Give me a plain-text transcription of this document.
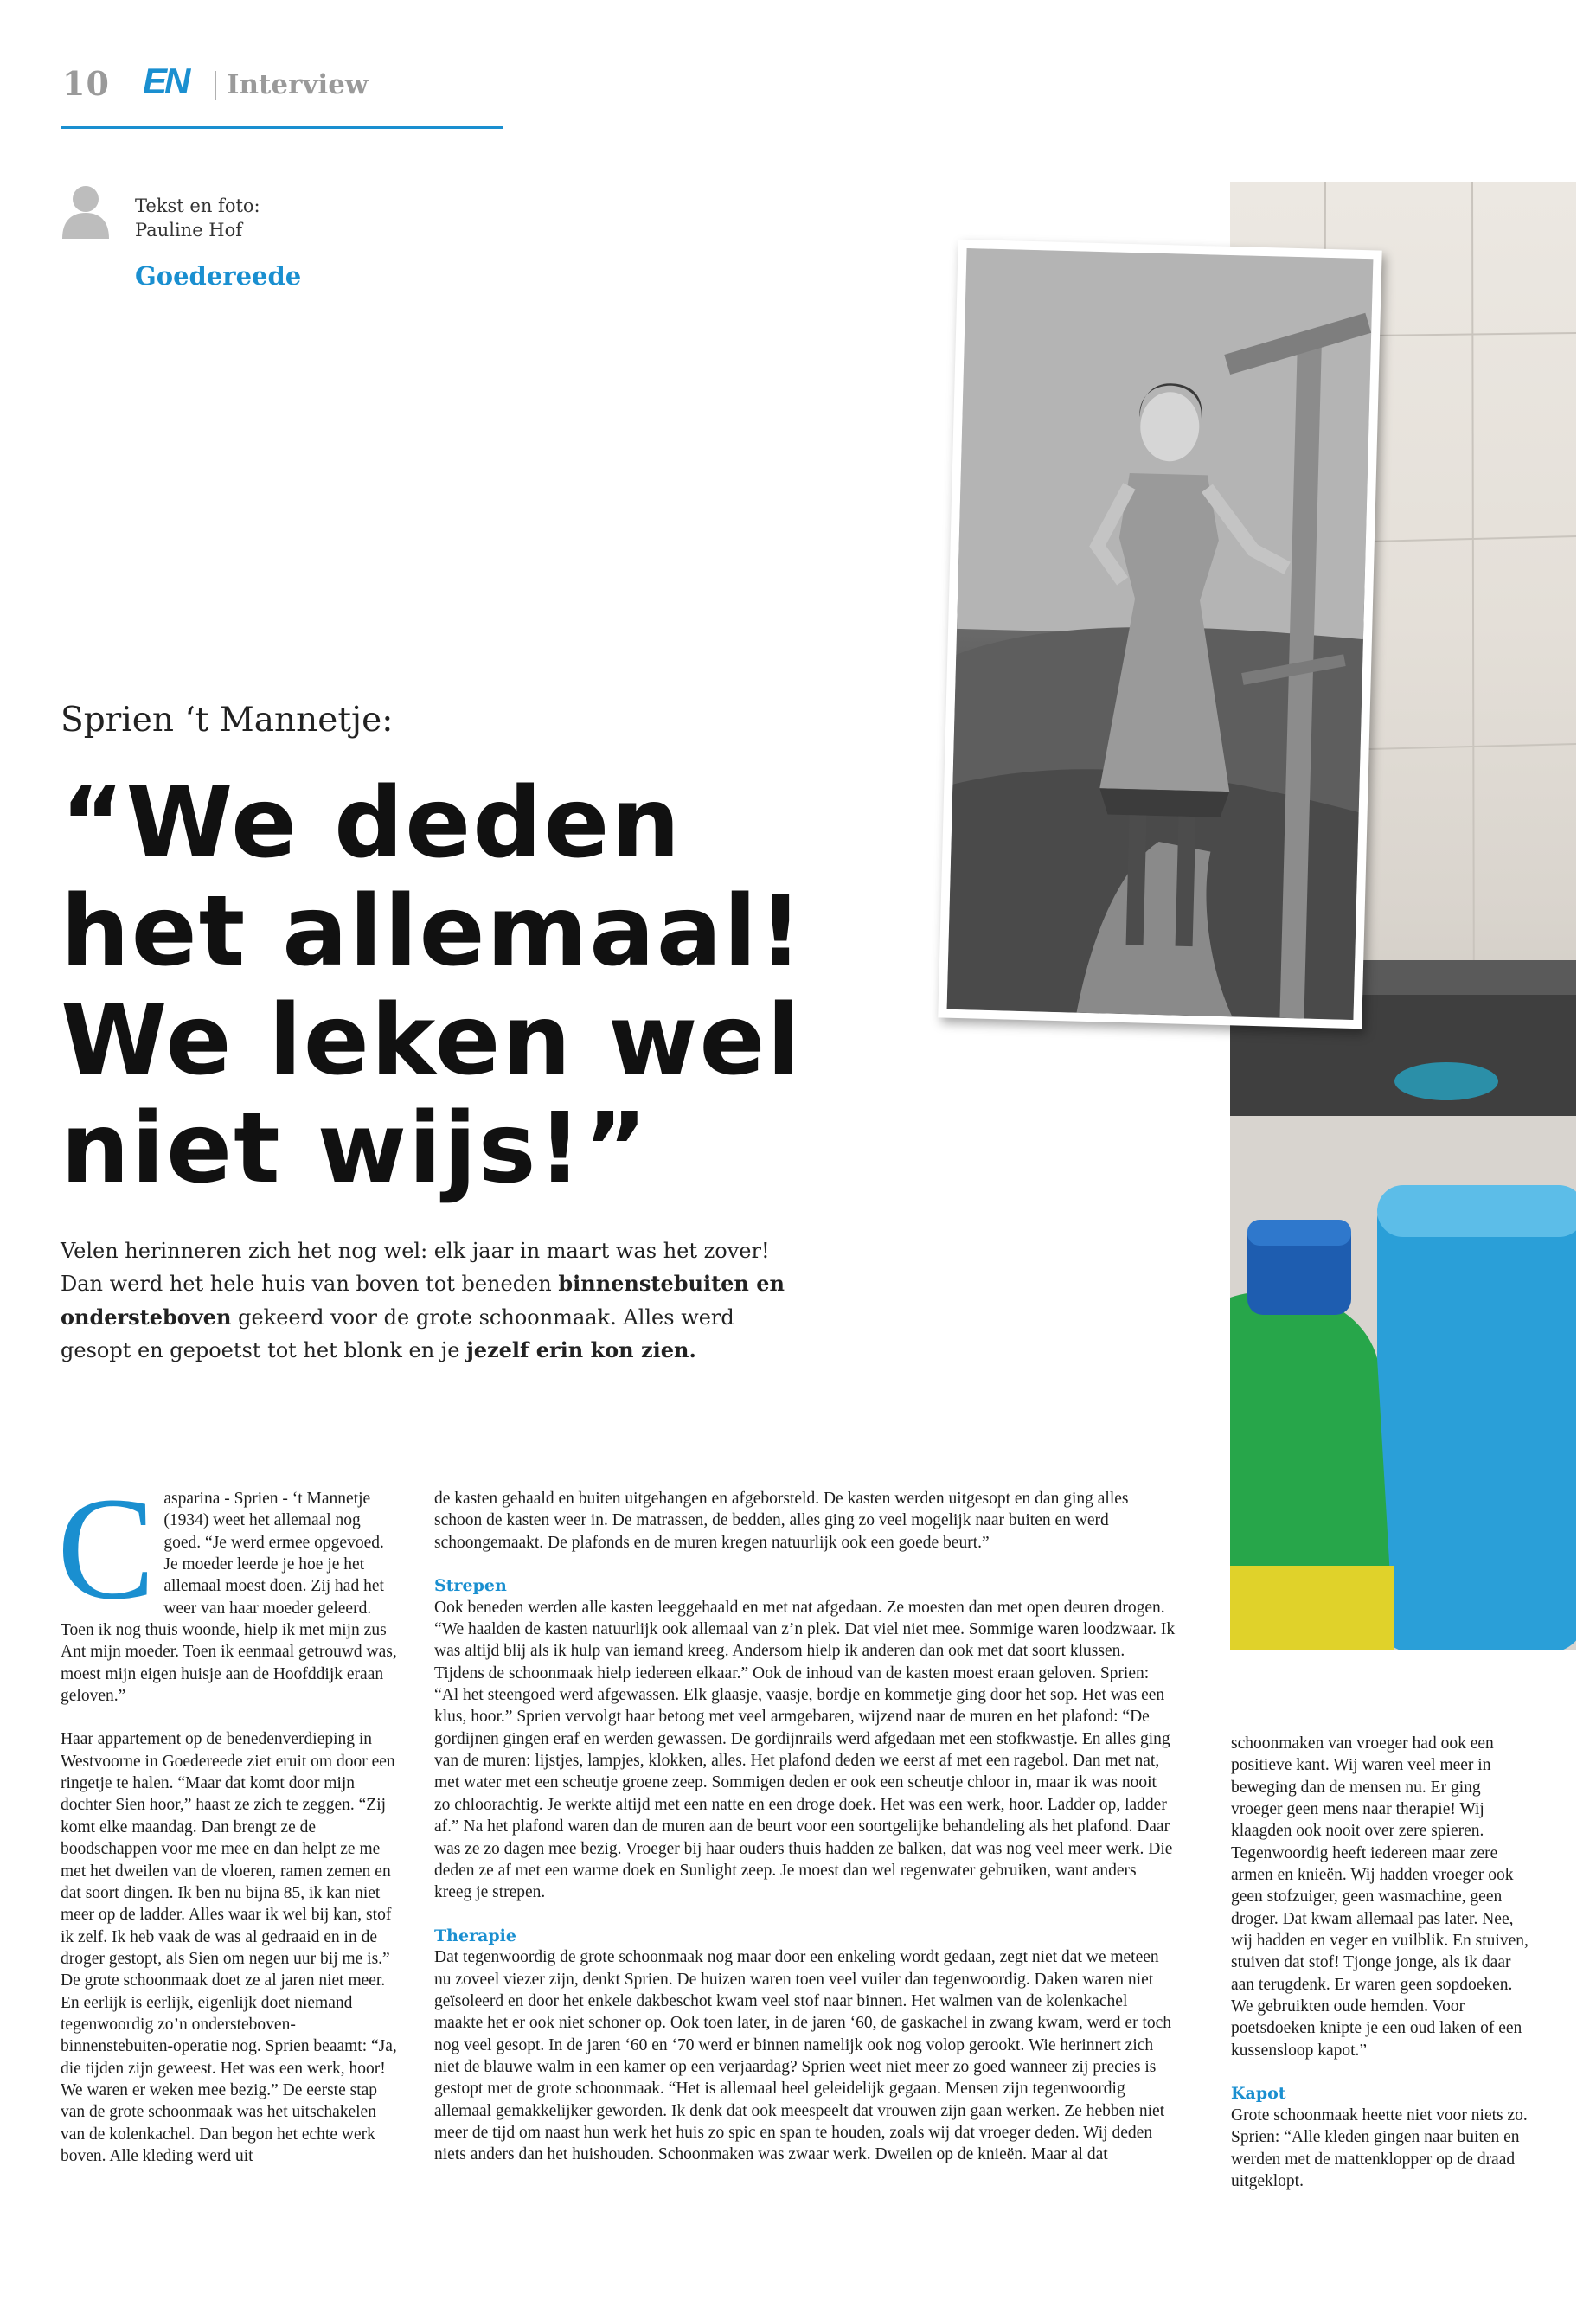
10 EN Interview
Tekst en foto:
Pauline Hof
Goedereede
Sprien ‘t Mannetje:
“We deden
het allemaal!
We leken wel
niet wijs!”
Velen herinneren zich het nog wel: elk jaar in maart was het zover! Dan werd het hele huis van boven tot beneden binnenstebuiten en ondersteboven gekeerd voor de grote schoonmaak. Alles werd gesopt en gepoetst tot het blonk en je jezelf erin kon zien.

Casparina - Sprien - ‘t Mannetje (1934) weet het allemaal nog goed. “Je werd ermee opgevoed. Je moeder leerde je hoe je het allemaal moest doen. Zij had het weer van haar moeder geleerd. Toen ik nog thuis woonde, hielp ik met mijn zus Ant mijn moeder. Toen ik eenmaal getrouwd was, moest mijn eigen huisje aan de Hoofddijk eraan geloven.”

Haar appartement op de benedenverdieping in Westvoorne in Goedereede ziet eruit om door een ringetje te halen. “Maar dat komt door mijn dochter Sien hoor,” haast ze zich te zeggen. “Zij komt elke maandag. Dan brengt ze de boodschappen voor me mee en dan helpt ze me met het dweilen van de vloeren, ramen zemen en dat soort dingen. Ik ben nu bijna 85, ik kan niet meer op de ladder. Alles waar ik wel bij kan, stof ik zelf. Ik heb vaak de was al gedraaid en in de droger gestopt, als Sien om negen uur bij me is.” De grote schoonmaak doet ze al jaren niet meer. En eerlijk is eerlijk, eigenlijk doet niemand tegenwoordig zo’n ondersteboven-binnenstebuiten-operatie nog. Sprien beaamt: “Ja, die tijden zijn geweest. Het was een werk, hoor! We waren er weken mee bezig.” De eerste stap van de grote schoonmaak was het uitschakelen van de kolenkachel. Dan begon het echte werk boven. Alle kleding werd uit

de kasten gehaald en buiten uitgehangen en afgeborsteld. De kasten werden uitgesopt en dan ging alles schoon de kasten weer in. De matrassen, de bedden, alles ging zo veel mogelijk naar buiten en werd schoongemaakt. De plafonds en de muren kregen natuurlijk ook een goede beurt.”

Strepen

Ook beneden werden alle kasten leeggehaald en met nat afgedaan. Ze moesten dan met open deuren drogen. “We haalden de kasten natuurlijk ook allemaal van z’n plek. Dat viel niet mee. Sommige waren loodzwaar. Ik was altijd blij als ik hulp van iemand kreeg. Andersom hielp ik anderen dan ook met dat soort klussen. Tijdens de schoonmaak hielp iedereen elkaar.” Ook de inhoud van de kasten moest eraan geloven. Sprien: “Al het steengoed werd afgewassen. Elk glaasje, vaasje, bordje en kommetje ging door het sop. Het was een klus, hoor.” Sprien vervolgt haar betoog met veel armgebaren, wijzend naar de muren en het plafond: “De gordijnen gingen eraf en werden gewassen. De gordijnrails werd afgedaan met een stofkwastje. En alles ging van de muren: lijstjes, lampjes, klokken, alles. Het plafond deden we eerst af met een ragebol. Dan met nat, met water met een scheutje groene zeep. Sommigen deden er ook een scheutje chloor in, maar ik was nooit zo chloorachtig. Je werkte altijd met een natte en een droge doek. Het was een werk, hoor. Ladder op, ladder af.” Na het plafond waren dan de muren aan de beurt voor een soortgelijke behandeling als het plafond. Daar was ze zo dagen mee bezig. Vroeger bij haar ouders thuis hadden ze balken, dat was nog veel meer werk. Die deden ze af met een warme doek en Sunlight zeep. Je moest dan wel regenwater gebruiken, want anders kreeg je strepen.

Therapie

Dat tegenwoordig de grote schoonmaak nog maar door een enkeling wordt gedaan, zegt niet dat we meteen nu zoveel viezer zijn, denkt Sprien. De huizen waren toen veel vuiler dan tegenwoordig. Daken waren niet geïsoleerd en door het enkele dakbeschot kwam veel stof naar binnen. Het walmen van de kolenkachel maakte het er ook niet schoner op. Ook toen later, in de jaren ‘60, de gaskachel in zwang kwam, werd er toch nog veel gesopt. In de jaren ‘60 en ‘70 werd er binnen namelijk ook nog volop gerookt. Wie herinnert zich niet de blauwe walm in een kamer op een verjaardag? Sprien weet niet meer zo goed wanneer zij precies is gestopt met de grote schoonmaak. “Het is allemaal heel geleidelijk gegaan. Mensen zijn tegenwoordig allemaal gemakkelijker geworden. Ik denk dat ook meespeelt dat vrouwen zijn gaan werken. Ze hebben niet meer de tijd om naast hun werk het huis zo spic en span te houden, zoals wij dat vroeger deden. Wij deden niets anders dan het huishouden. Schoonmaken was zwaar werk. Dweilen op de knieën. Maar al dat

schoonmaken van vroeger had ook een positieve kant. Wij waren veel meer in beweging dan de mensen nu. Er ging vroeger geen mens naar therapie! Wij klaagden ook nooit over zere spieren. Tegenwoordig heeft iedereen maar zere armen en knieën. Wij hadden vroeger ook geen stofzuiger, geen wasmachine, geen droger. Dat kwam allemaal pas later. Nee, wij hadden en veger en vuilblik. En stuiven, stuiven dat stof! Tjonge jonge, als ik daar aan terugdenk. Er waren geen sopdoeken. We gebruikten oude hemden. Voor poetsdoeken knipte je een oud laken of een kussensloop kapot.”

Kapot

Grote schoonmaak heette niet voor niets zo. Sprien: “Alle kleden gingen naar buiten en werden met de mattenklopper op de draad uitgeklopt.
